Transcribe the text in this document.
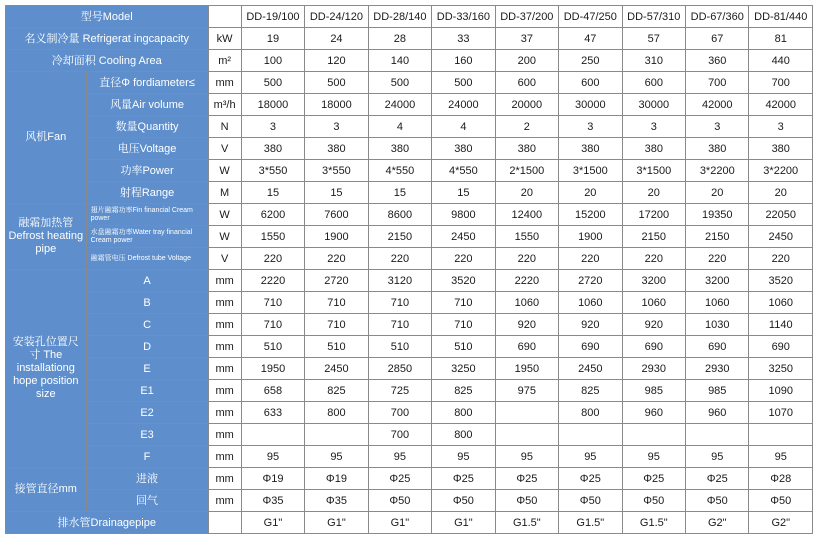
型号Model			DD-19/100	DD-24/120	DD-28/140	DD-33/160	DD-37/200	DD-47/250	DD-57/310	DD-67/360	DD-81/440
名义制冷量 Refrigerat ingcapacity		kW	19	24	28	33	37	47	57	67	81
冷却面积 Cooling Area		m²	100	120	140	160	200	250	310	360	440
风机Fan	直径Φ fordiameter≤	mm	500	500	500	500	600	600	600	700	700
	风量Air volume	m³/h	18000	18000	24000	24000	20000	30000	30000	42000	42000
	数量Quantity	N	3	3	4	4	2	3	3	3	3
	电压Voltage	V	380	380	380	380	380	380	380	380	380
	功率Power	W	3*550	3*550	4*550	4*550	2*1500	3*1500	3*1500	3*2200	3*2200
	射程Range	M	15	15	15	15	20	20	20	20	20
融霜加热管 Defrost heating pipe	翅片融霜功率Fin financial Cream power	W	6200	7600	8600	9800	12400	15200	17200	19350	22050
	水盘融霜功率Water tray financial Cream power	W	1550	1900	2150	2450	1550	1900	2150	2150	2450
	融霜管电压 Defrost tube Voltage	V	220	220	220	220	220	220	220	220	220
安装孔位置尺寸 The installationg hope position size	A	mm	2220	2720	3120	3520	2220	2720	3200	3200	3520
	B	mm	710	710	710	710	1060	1060	1060	1060	1060
	C	mm	710	710	710	710	920	920	920	1030	1140
	D	mm	510	510	510	510	690	690	690	690	690
	E	mm	1950	2450	2850	3250	1950	2450	2930	2930	3250
	E1	mm	658	825	725	825	975	825	985	985	1090
	E2	mm	633	800	700	800		800	960	960	1070
	E3	mm			700	800					
	F	mm	95	95	95	95	95	95	95	95	95
接管直径mm	进液	mm	Φ19	Φ19	Φ25	Φ25	Φ25	Φ25	Φ25	Φ25	Φ28
	回气	mm	Φ35	Φ35	Φ50	Φ50	Φ50	Φ50	Φ50	Φ50	Φ50
排水管Drainagepipe			G1"	G1"	G1"	G1"	G1.5"	G1.5"	G1.5"	G2"	G2"
